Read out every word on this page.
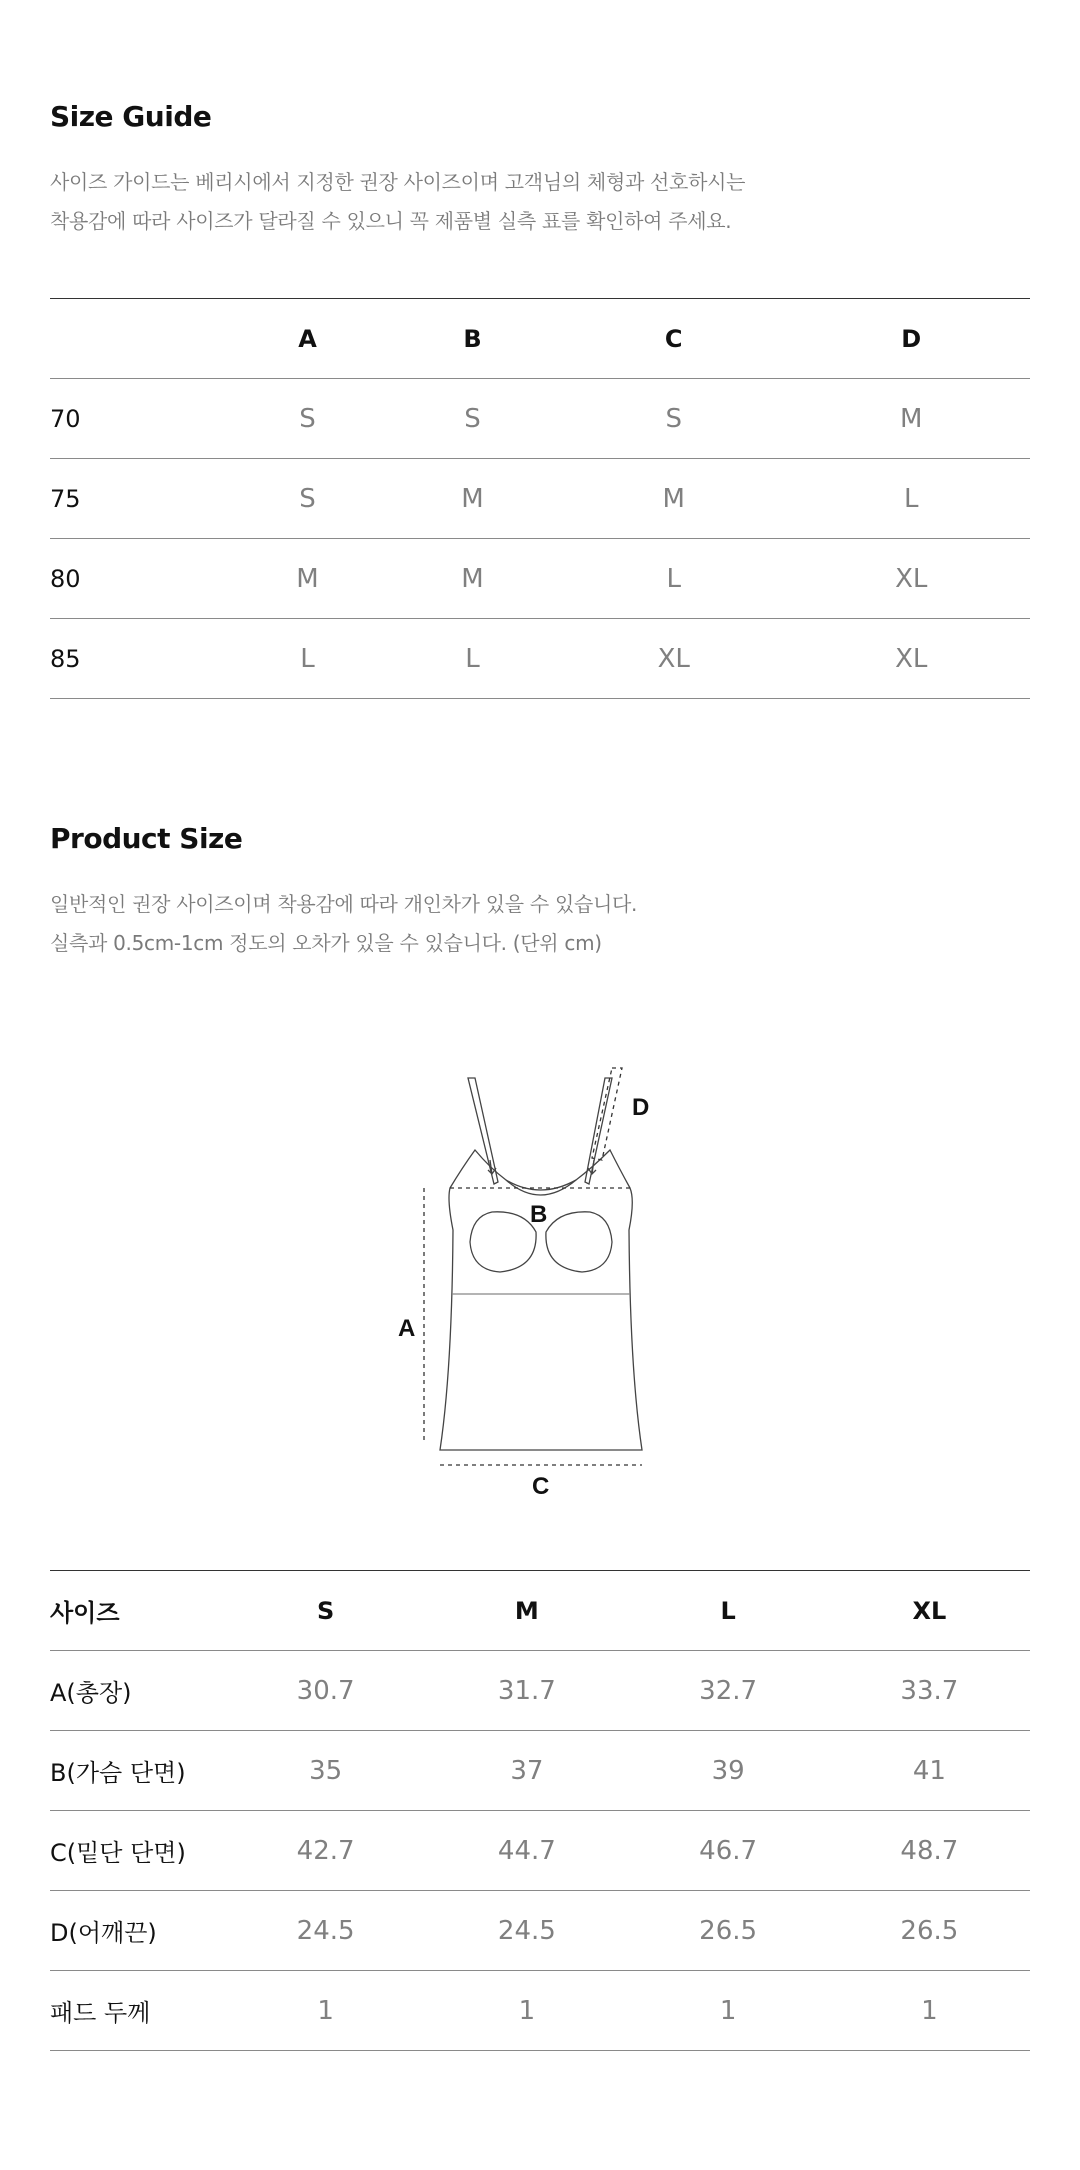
Size Guide

사이즈 가이드는 베리시에서 지정한 권장 사이즈이며 고객님의 체형과 선호하시는

착용감에 따라 사이즈가 달라질 수 있으니 꼭 제품별 실측 표를 확인하여 주세요.

	A	B	C	D
70	S	S	S	M
75	S	M	M	L
80	M	M	L	XL
85	L	L	XL	XL
Product Size

일반적인 권장 사이즈이며 착용감에 따라 개인차가 있을 수 있습니다.

실측과 0.5cm-1cm 정도의 오차가 있을 수 있습니다. (단위 cm)

A
B
C
D
사이즈	S	M	L	XL
A(총장)	30.7	31.7	32.7	33.7
B(가슴 단면)	35	37	39	41
C(밑단 단면)	42.7	44.7	46.7	48.7
D(어깨끈)	24.5	24.5	26.5	26.5
패드 두께	1	1	1	1
